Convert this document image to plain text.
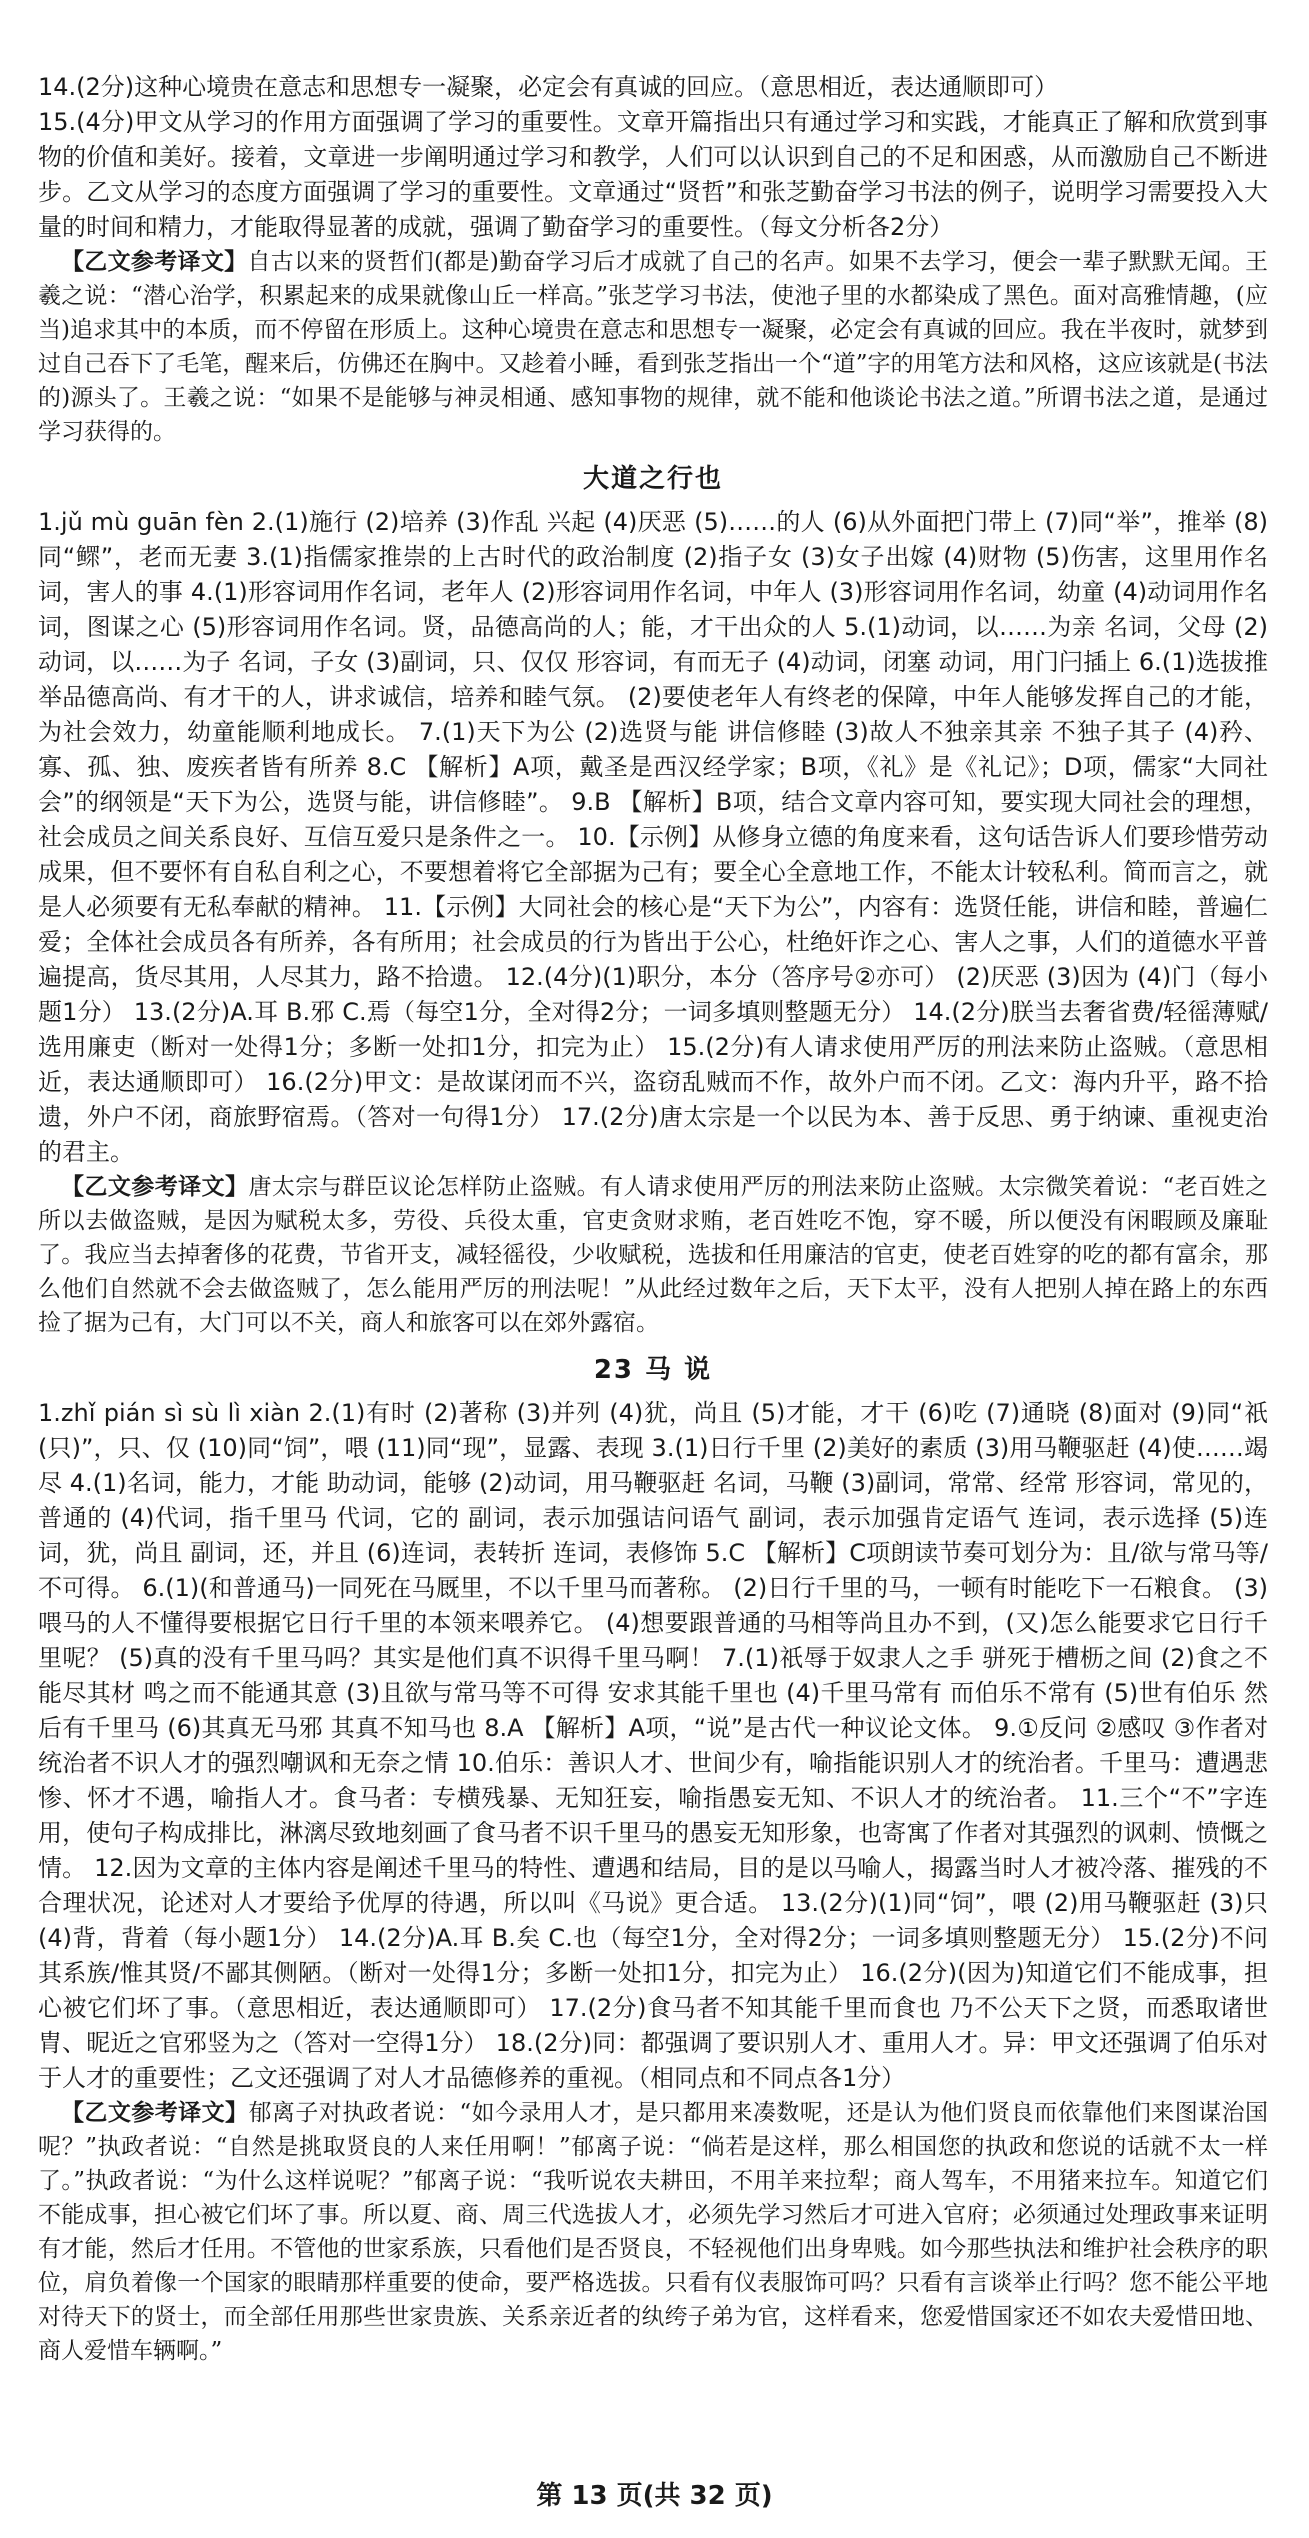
14.(2分)这种心境贵在意志和思想专一凝聚，必定会有真诚的回应。（意思相近，表达通顺即可）

15.(4分)甲文从学习的作用方面强调了学习的重要性。文章开篇指出只有通过学习和实践，才能真正了解和欣赏到事物的价值和美好。接着，文章进一步阐明通过学习和教学，人们可以认识到自己的不足和困惑，从而激励自己不断进步。乙文从学习的态度方面强调了学习的重要性。文章通过“贤哲”和张芝勤奋学习书法的例子，说明学习需要投入大量的时间和精力，才能取得显著的成就，强调了勤奋学习的重要性。（每文分析各2分）

【乙文参考译文】自古以来的贤哲们(都是)勤奋学习后才成就了自己的名声。如果不去学习，便会一辈子默默无闻。王羲之说：“潜心治学，积累起来的成果就像山丘一样高。”张芝学习书法，使池子里的水都染成了黑色。面对高雅情趣，(应当)追求其中的本质，而不停留在形质上。这种心境贵在意志和思想专一凝聚，必定会有真诚的回应。我在半夜时，就梦到过自己吞下了毛笔，醒来后，仿佛还在胸中。又趁着小睡，看到张芝指出一个“道”字的用笔方法和风格，这应该就是(书法的)源头了。王羲之说：“如果不是能够与神灵相通、感知事物的规律，就不能和他谈论书法之道。”所谓书法之道，是通过学习获得的。

大道之行也

1.jǔ mù guān fèn 2.(1)施行 (2)培养 (3)作乱 兴起 (4)厌恶 (5)……的人 (6)从外面把门带上 (7)同“举”，推举 (8)同“鳏”，老而无妻 3.(1)指儒家推崇的上古时代的政治制度 (2)指子女 (3)女子出嫁 (4)财物 (5)伤害，这里用作名词，害人的事 4.(1)形容词用作名词，老年人 (2)形容词用作名词，中年人 (3)形容词用作名词，幼童 (4)动词用作名词，图谋之心 (5)形容词用作名词。贤，品德高尚的人；能，才干出众的人 5.(1)动词，以……为亲 名词，父母 (2)动词，以……为子 名词，子女 (3)副词，只、仅仅 形容词，有而无子 (4)动词，闭塞 动词，用门闩插上 6.(1)选拔推举品德高尚、有才干的人，讲求诚信，培养和睦气氛。 (2)要使老年人有终老的保障，中年人能够发挥自己的才能，为社会效力，幼童能顺利地成长。 7.(1)天下为公 (2)选贤与能 讲信修睦 (3)故人不独亲其亲 不独子其子 (4)矜、寡、孤、独、废疾者皆有所养 8.C 【解析】A项，戴圣是西汉经学家；B项，《礼》是《礼记》；D项，儒家“大同社会”的纲领是“天下为公，选贤与能，讲信修睦”。 9.B 【解析】B项，结合文章内容可知，要实现大同社会的理想，社会成员之间关系良好、互信互爱只是条件之一。 10.【示例】从修身立德的角度来看，这句话告诉人们要珍惜劳动成果，但不要怀有自私自利之心，不要想着将它全部据为己有；要全心全意地工作，不能太计较私利。简而言之，就是人必须要有无私奉献的精神。 11.【示例】大同社会的核心是“天下为公”，内容有：选贤任能，讲信和睦，普遍仁爱；全体社会成员各有所养，各有所用；社会成员的行为皆出于公心，杜绝奸诈之心、害人之事，人们的道德水平普遍提高，货尽其用，人尽其力，路不拾遗。 12.(4分)(1)职分，本分（答序号②亦可） (2)厌恶 (3)因为 (4)门（每小题1分） 13.(2分)A.耳 B.邪 C.焉（每空1分，全对得2分；一词多填则整题无分） 14.(2分)朕当去奢省费/轻徭薄赋/选用廉吏（断对一处得1分；多断一处扣1分，扣完为止） 15.(2分)有人请求使用严厉的刑法来防止盗贼。（意思相近，表达通顺即可） 16.(2分)甲文：是故谋闭而不兴，盗窃乱贼而不作，故外户而不闭。乙文：海内升平，路不拾遗，外户不闭，商旅野宿焉。（答对一句得1分） 17.(2分)唐太宗是一个以民为本、善于反思、勇于纳谏、重视吏治的君主。

【乙文参考译文】唐太宗与群臣议论怎样防止盗贼。有人请求使用严厉的刑法来防止盗贼。太宗微笑着说：“老百姓之所以去做盗贼，是因为赋税太多，劳役、兵役太重，官吏贪财求贿，老百姓吃不饱，穿不暖，所以便没有闲暇顾及廉耻了。我应当去掉奢侈的花费，节省开支，减轻徭役，少收赋税，选拔和任用廉洁的官吏，使老百姓穿的吃的都有富余，那么他们自然就不会去做盗贼了，怎么能用严厉的刑法呢！”从此经过数年之后，天下太平，没有人把别人掉在路上的东西捡了据为己有，大门可以不关，商人和旅客可以在郊外露宿。

23 马 说

1.zhǐ pián sì sù lì xiàn 2.(1)有时 (2)著称 (3)并列 (4)犹，尚且 (5)才能，才干 (6)吃 (7)通晓 (8)面对 (9)同“祇(只)”，只、仅 (10)同“饲”，喂 (11)同“现”，显露、表现 3.(1)日行千里 (2)美好的素质 (3)用马鞭驱赶 (4)使……竭尽 4.(1)名词，能力，才能 助动词，能够 (2)动词，用马鞭驱赶 名词，马鞭 (3)副词，常常、经常 形容词，常见的，普通的 (4)代词，指千里马 代词，它的 副词，表示加强诘问语气 副词，表示加强肯定语气 连词，表示选择 (5)连词，犹，尚且 副词，还，并且 (6)连词，表转折 连词，表修饰 5.C 【解析】C项朗读节奏可划分为：且/欲与常马等/不可得。 6.(1)(和普通马)一同死在马厩里，不以千里马而著称。 (2)日行千里的马，一顿有时能吃下一石粮食。 (3)喂马的人不懂得要根据它日行千里的本领来喂养它。 (4)想要跟普通的马相等尚且办不到，(又)怎么能要求它日行千里呢？ (5)真的没有千里马吗？其实是他们真不识得千里马啊！ 7.(1)祇辱于奴隶人之手 骈死于槽枥之间 (2)食之不能尽其材 鸣之而不能通其意 (3)且欲与常马等不可得 安求其能千里也 (4)千里马常有 而伯乐不常有 (5)世有伯乐 然后有千里马 (6)其真无马邪 其真不知马也 8.A 【解析】A项，“说”是古代一种议论文体。 9.①反问 ②感叹 ③作者对统治者不识人才的强烈嘲讽和无奈之情 10.伯乐：善识人才、世间少有，喻指能识别人才的统治者。千里马：遭遇悲惨、怀才不遇，喻指人才。食马者：专横残暴、无知狂妄，喻指愚妄无知、不识人才的统治者。 11.三个“不”字连用，使句子构成排比，淋漓尽致地刻画了食马者不识千里马的愚妄无知形象，也寄寓了作者对其强烈的讽刺、愤慨之情。 12.因为文章的主体内容是阐述千里马的特性、遭遇和结局，目的是以马喻人，揭露当时人才被冷落、摧残的不合理状况，论述对人才要给予优厚的待遇，所以叫《马说》更合适。 13.(2分)(1)同“饲”，喂 (2)用马鞭驱赶 (3)只 (4)背，背着（每小题1分） 14.(2分)A.耳 B.矣 C.也（每空1分，全对得2分；一词多填则整题无分） 15.(2分)不问其系族/惟其贤/不鄙其侧陋。（断对一处得1分；多断一处扣1分，扣完为止） 16.(2分)(因为)知道它们不能成事，担心被它们坏了事。（意思相近，表达通顺即可） 17.(2分)食马者不知其能千里而食也 乃不公天下之贤，而悉取诸世胄、昵近之官邪竖为之（答对一空得1分） 18.(2分)同：都强调了要识别人才、重用人才。异：甲文还强调了伯乐对于人才的重要性；乙文还强调了对人才品德修养的重视。（相同点和不同点各1分）

【乙文参考译文】郁离子对执政者说：“如今录用人才，是只都用来凑数呢，还是认为他们贤良而依靠他们来图谋治国呢？”执政者说：“自然是挑取贤良的人来任用啊！”郁离子说：“倘若是这样，那么相国您的执政和您说的话就不太一样了。”执政者说：“为什么这样说呢？”郁离子说：“我听说农夫耕田，不用羊来拉犁；商人驾车，不用猪来拉车。知道它们不能成事，担心被它们坏了事。所以夏、商、周三代选拔人才，必须先学习然后才可进入官府；必须通过处理政事来证明有才能，然后才任用。不管他的世家系族，只看他们是否贤良，不轻视他们出身卑贱。如今那些执法和维护社会秩序的职位，肩负着像一个国家的眼睛那样重要的使命，要严格选拔。只看有仪表服饰可吗？只看有言谈举止行吗？您不能公平地对待天下的贤士，而全部任用那些世家贵族、关系亲近者的纨绔子弟为官，这样看来，您爱惜国家还不如农夫爱惜田地、商人爱惜车辆啊。”

第 13 页(共 32 页)
